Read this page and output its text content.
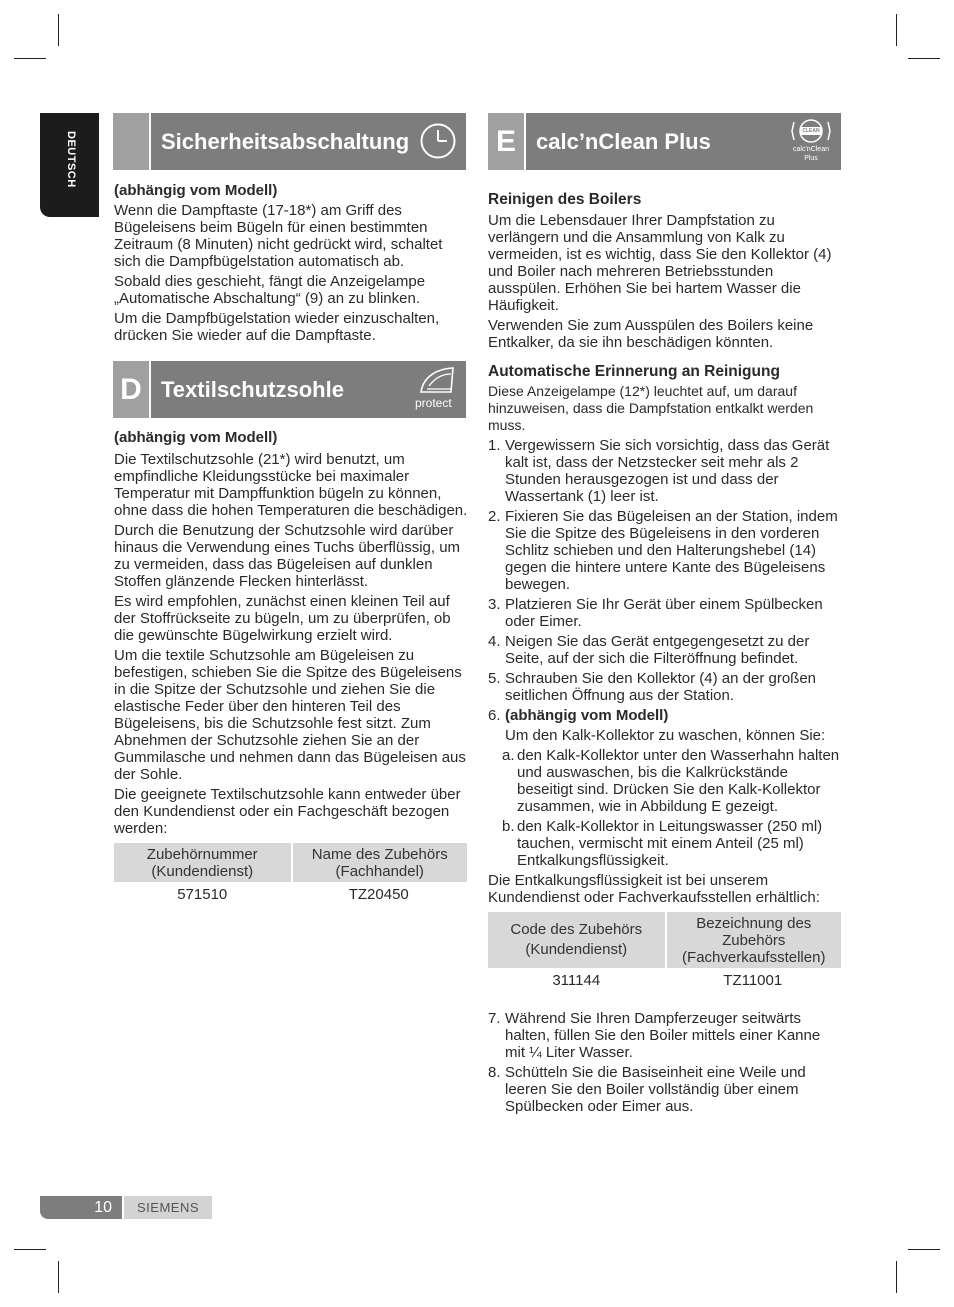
DEUTSCH	Sicherheitsabschaltung

(abhängig vom Modell)

Wenn die Dampftaste (17-18*) am Griff des Bügeleisens beim Bügeln für einen bestimmten Zeitraum (8 Minuten) nicht gedrückt wird, schaltet sich die Dampfbügelstation automatisch ab.

Sobald dies geschieht, fängt die Anzeigelampe „Automatische Abschaltung“ (9) an zu blinken.

Um die Dampfbügelstation wieder einzuschalten, drücken Sie wieder auf die Dampftaste.

D Textilschutzsohle
protect

(abhängig vom Modell)

Die Textilschutzsohle (21*) wird benutzt, um empfindliche Kleidungsstücke bei maximaler Temperatur mit Dampffunktion bügeln zu können, ohne dass die hohen Temperaturen die beschädigen.

Durch die Benutzung der Schutzsohle wird darüber hinaus die Verwendung eines Tuchs überflüssig, um zu vermeiden, dass das Bügeleisen auf dunklen Stoffen glänzende Flecken hinterlässt.

Es wird empfohlen, zunächst einen kleinen Teil auf der Stoffrückseite zu bügeln, um zu überprüfen, ob die gewünschte Bügelwirkung erzielt wird.

Um die textile Schutzsohle am Bügeleisen zu befestigen, schieben Sie die Spitze des Bügeleisens in die Spitze der Schutzsohle und ziehen Sie die elastische Feder über den hinteren Teil des Bügeleisens, bis die Schutzsohle fest sitzt. Zum Abnehmen der Schutzsohle ziehen Sie an der Gummilasche und nehmen dann das Bügeleisen aus der Sohle.

Die geeignete Textilschutzsohle kann entweder über den Kundendienst oder ein Fachgeschäft bezogen werden:

Zubehörnummer (Kundendienst)	Name des Zubehörs (Fachhandel)
571510	TZ20450
E calc’nClean Plus	CLEAN
calc'nClean
Plus

Reinigen des Boilers

Um die Lebensdauer Ihrer Dampfstation zu verlängern und die Ansammlung von Kalk zu vermeiden, ist es wichtig, dass Sie den Kollektor (4) und Boiler nach mehreren Betriebsstunden ausspülen. Erhöhen Sie bei hartem Wasser die Häufigkeit.

Verwenden Sie zum Ausspülen des Boilers keine Entkalker, da sie ihn beschädigen könnten.

Automatische Erinnerung an Reinigung

Diese Anzeigelampe (12*) leuchtet auf, um darauf hinzuweisen, dass die Dampfstation entkalkt werden muss.

1. Vergewissern Sie sich vorsichtig, dass das Gerät kalt ist, dass der Netzstecker seit mehr als 2 Stunden herausgezogen ist und dass der Wassertank (1) leer ist.
2. Fixieren Sie das Bügeleisen an der Station, indem Sie die Spitze des Bügeleisens in den vorderen Schlitz schieben und den Halterungshebel (14) gegen die hintere untere Kante des Bügeleisens bewegen.
3. Platzieren Sie Ihr Gerät über einem Spülbecken oder Eimer.
4. Neigen Sie das Gerät entgegengesetzt zu der Seite, auf der sich die Filteröffnung befindet.
5. Schrauben Sie den Kollektor (4) an der großen seitlichen Öffnung aus der Station.
6. (abhängig vom Modell)
Um den Kalk-Kollektor zu waschen, können Sie:
a. den Kalk-Kollektor unter den Wasserhahn halten und auswaschen, bis die Kalkrückstände beseitigt sind. Drücken Sie den Kalk-Kollektor zusammen, wie in Abbildung E gezeigt.
b. den Kalk-Kollektor in Leitungswasser (250 ml) tauchen, vermischt mit einem Anteil (25 ml) Entkalkungsflüssigkeit.

Die Entkalkungsflüssigkeit ist bei unserem Kundendienst oder Fachverkaufsstellen erhältlich:

Code des Zubehörs (Kundendienst)	Bezeichnung des Zubehörs (Fachverkaufsstellen)
311144	TZ11001
7. Während Sie Ihren Dampferzeuger seitwärts halten, füllen Sie den Boiler mittels einer Kanne mit ¼ Liter Wasser.
8. Schütteln Sie die Basiseinheit eine Weile und leeren Sie den Boiler vollständig über einem Spülbecken oder Eimer aus.
10	SIEMENS
